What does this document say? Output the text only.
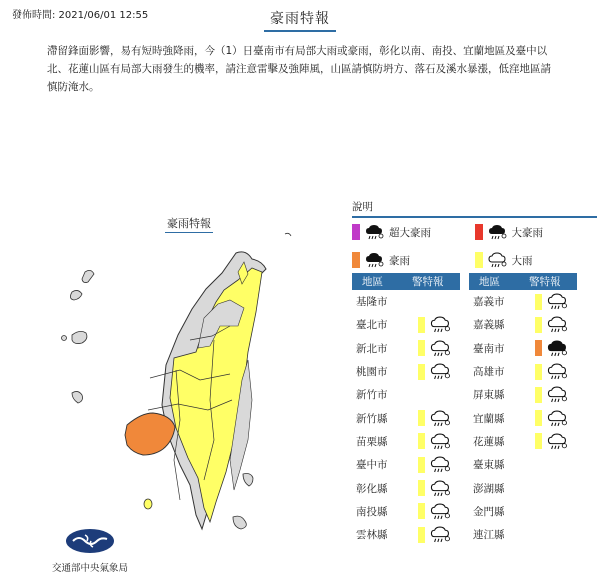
發佈時間: 2021/06/01 12:55	豪雨特報
滯留鋒面影響，易有短時強降雨，今（1）日臺南市有局部大雨或豪雨，彰化以南、南投、宜蘭地區及臺中以北、花蓮山區有局部大雨發生的機率，請注意雷擊及強陣風，山區請慎防坍方、落石及溪水暴漲，低窪地區請慎防淹水。
豪雨特報
交通部中央氣象局
說明
超大豪雨	大豪雨
豪雨	大雨
地區	警特報
基隆市
臺北市
新北市
桃園市
新竹市
新竹縣
苗栗縣
臺中市
彰化縣
南投縣
雲林縣
地區	警特報
嘉義市
嘉義縣
臺南市
高雄市
屏東縣
宜蘭縣
花蓮縣
臺東縣
澎湖縣
金門縣
連江縣
